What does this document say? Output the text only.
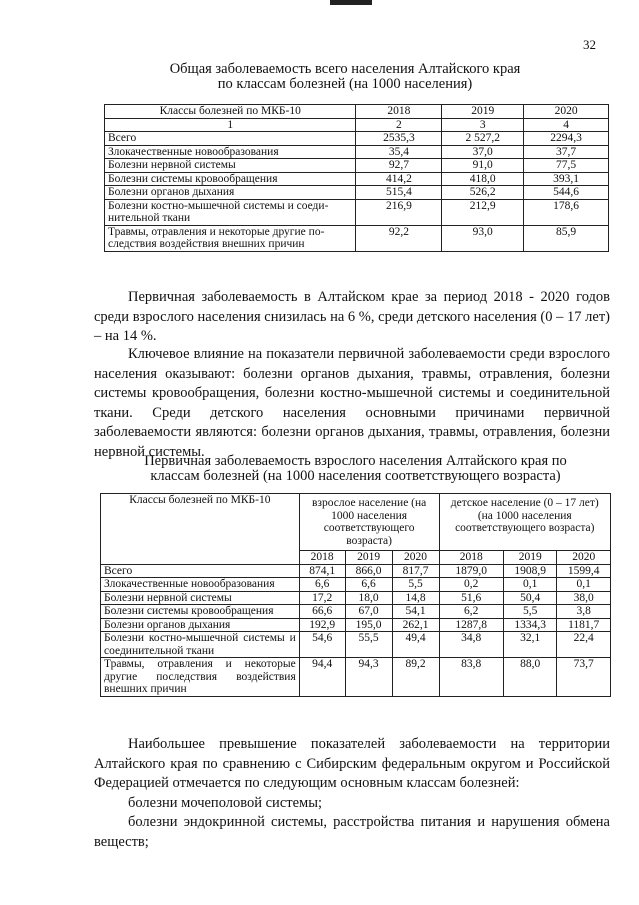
32
Общая заболеваемость всего населения Алтайского края
по классам болезней (на 1000 населения)
Классы болезней по МКБ-10	2018	2019	2020
1	2	3	4
Всего	2535,3	2 527,2	2294,3
Злокачественные новообразования	35,4	37,0	37,7
Болезни нервной системы	92,7	91,0	77,5
Болезни системы кровообращения	414,2	418,0	393,1
Болезни органов дыхания	515,4	526,2	544,6
Болезни костно-мышечной системы и соеди-нительной ткани	216,9	212,9	178,6
Травмы, отравления и некоторые другие по-следствия воздействия внешних причин	92,2	93,0	85,9
Первичная заболеваемость в Алтайском крае за период 2018 - 2020 годов среди взрослого населения снизилась на 6 %, среди детского населения (0 – 17 лет) – на 14 %.
Ключевое влияние на показатели первичной заболеваемости среди взрослого населения оказывают: болезни органов дыхания, травмы, отравления, болезни системы кровообращения, болезни костно-мышечной системы и соединительной ткани. Среди детского населения основными причинами первичной заболеваемости являются: болезни органов дыхания, травмы, отравления, болезни нервной системы.
Первичная заболеваемость взрослого населения Алтайского края по
классам болезней (на 1000 населения соответствующего возраста)
Классы болезней по МКБ-10	взрослое население (на 1000 населения соответствующего возраста)			детское население (0 – 17 лет) (на 1000 населения соответствующего возраста)		
	2018	2019	2020	2018	2019	2020
Всего	874,1	866,0	817,7	1879,0	1908,9	1599,4
Злокачественные новообразования	6,6	6,6	5,5	0,2	0,1	0,1
Болезни нервной системы	17,2	18,0	14,8	51,6	50,4	38,0
Болезни системы кровообращения	66,6	67,0	54,1	6,2	5,5	3,8
Болезни органов дыхания	192,9	195,0	262,1	1287,8	1334,3	1181,7
Болезни костно-мышечной системы и соединительной ткани	54,6	55,5	49,4	34,8	32,1	22,4
Травмы, отравления и некоторые другие последствия воздействия внешних причин	94,4	94,3	89,2	83,8	88,0	73,7
Наибольшее превышение показателей заболеваемости на территории Алтайского края по сравнению с Сибирским федеральным округом и Российской Федерацией отмечается по следующим основным классам болезней:
болезни мочеполовой системы;
болезни эндокринной системы, расстройства питания и нарушения обмена веществ;
